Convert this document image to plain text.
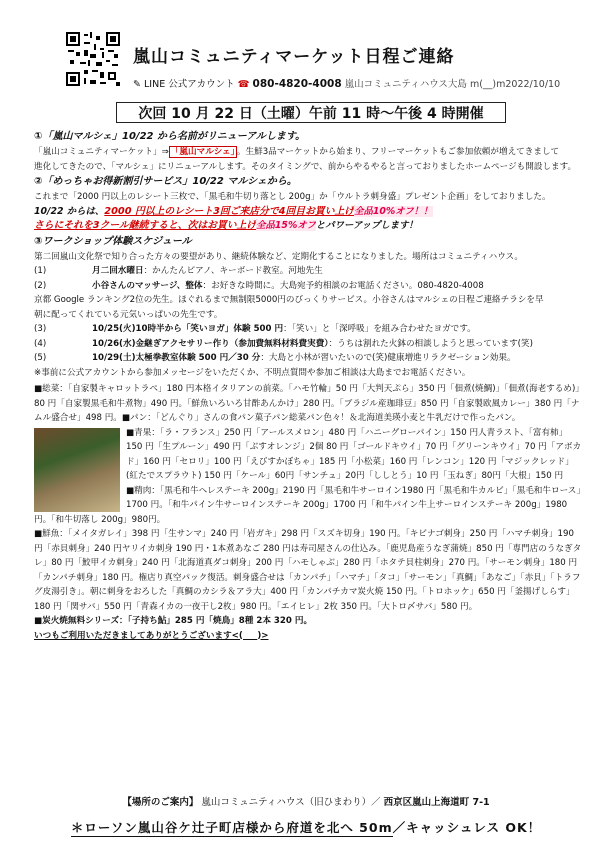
嵐山コミュニティマーケット日程ご連絡
✎ LINE 公式アカウント ☎ 080-4820-4008 嵐山コミュニティハウス大島 m(__)m2022/10/10
次回 10 月 22 日（土曜）午前 11 時〜午後 4 時開催
①「嵐山マルシェ」10/22 から名前がリニューアルします。
「嵐山コミュニティマーケット」⇒ 「嵐山マルシェ」 。生鮮3品マーケットから始まり、フリーマーケットもご参加依頼が増えてきまして
進化してきたので、「マルシェ」にリニューアルします。そのタイミングで、前からやるやると言っておりましたホームページも開設します。
②「めっちゃお得新割引サービス」10/22 マルシェから。
これまで「2000 円以上のレシート三枚で、「黒毛和牛切り落とし 200g」か「ウルトラ刺身盛」プレゼント企画」をしておりました。
10/22 からは、2000 円以上のレシート3回ご来店分で4回目お買い上げ全品10%オフ！！
さらにそれを3クール継続すると、次はお買い上げ全品15%オフとパワーアップします！
③ワークショップ体験スケジュール
第二回嵐山文化祭で知り合った方々の要望があり、継続体験など、定期化することになりました。場所はコミュニティハウス。
(1)	月二回水曜日：かんたんピアノ、キーボード教室。河地先生
(2)	小谷さんのマッサージ、整体：お好きな時間に。大島宛予約相談のお電話ください。080-4820-4008
京都 Google ランキング2位の先生。ほぐれるまで無制限5000円のびっくりサービス。小谷さんはマルシェの日程ご連絡チラシを早
朝に配ってくれている元気いっぱいの先生です。
(3)	10/25(火)10時半から「笑いヨガ」体験 500 円：「笑い」と「深呼吸」を組み合わせたヨガです。
(4)	10/26(水)金継ぎアクセサリー作り（参加費無料材料費実費）：うちは割れた火鉢の相談しようと思っています(笑)
(5)	10/29(土)太極拳教室体験 500 円／30 分：大島と小林が習いたいので(笑)健康増進リラクゼーション効果。
※事前に公式アカウントから参加メッセージをいただくか、不明点質問や参加ご相談は大島までお電話ください。
■総菜：「自家製キャロットラペ」180 円本格イタリアンの前菜。「ハモ竹輪」50 円「大判天ぷら」350 円「佃煮(焼鯛)」「佃煮(海老するめ)」80 円「自家製黒毛和牛煮物」490 円。「鮮魚いろいろ甘酢あんかけ」280 円。「ブラジル産珈琲豆」850 円「自家製欧風カレー」380 円「ナムル盛合せ」498 円。■パン：「どんぐり」さんの食パン菓子パン総菜パン色々！＆北海道美瑛小麦と牛乳だけで作ったパン。
■青果：「ラ・フランス」250 円「アールスメロン」480 円「ハニーグローパイン」150 円人青ラスト、「富有柿」150 円「生プルーン」490 円「ぶすオレンジ」2個 80 円「ゴールドキウイ」70 円「グリーンキウイ」70 円「アボカド」160 円「セロリ」100 円「えびすかぼちゃ」185 円「小松菜」160 円「レンコン」120 円「マジックレッド」(紅たでスプラウト) 150 円「ケール」60円「サンチュ」20円「ししとう」10 円「玉ねぎ」80円「大根」150 円
■精肉：「黒毛和牛ヘレステーキ 200g」2190 円「黒毛和牛サーロイン1980 円「黒毛和牛カルビ」「黒毛和牛ロース」1700 円。「和牛パイン牛サーロインステーキ 200g」1700 円「和牛パイン牛上サーロインステーキ 200g」1980 円。「和牛切落し 200g」980円。
■鮮魚：「メイタガレイ」398 円「生サンマ」240 円「岩ガキ」298 円「スズキ切身」190 円。「キビナゴ刺身」250 円「ハマチ刺身」190 円「赤貝刺身」240 円ヤリイカ刺身 190 円・1本煮あなご 280 円は寿司屋さんの仕込み。「鹿児島産うなぎ蒲焼」850 円「専門店のうなぎタレ」80 円「鮫甲イカ刺身」240 円「北海道真ダコ刺身」200 円「ハモしゃぶ」280 円「ホタテ貝柱刺身」270 円。「サーモン刺身」180 円「カンパチ刺身」180 円。権店り真空パック復活。刺身盛合せは「カンパチ」「ハマチ」「タコ」「サーモン」「真鯛」「あなご」「赤貝」「トラフグ皮湯引き」。朝に刺身をおろした「真鯛のカシラ＆アラ大」400 円「カンパチカマ炭火焼 150 円。「トロホッケ」650 円「釜揚げしらす」180 円「関サバ」550 円「青森イカの一夜干し2枚」980 円。「エイヒレ」2枚 350 円。「大トロ〆サバ」580 円。
■炭火焼無料シリーズ：「子持ち鮎」285 円「焼鳥」8種 2本 320 円。
いつもご利用いただきましてありがとうございます<( _ _)>
【場所のご案内】 嵐山コミュニティハウス（旧ひまわり）／ 西京区嵐山上海道町 7-1
＊ローソン嵐山谷ケ辻子町店様から府道を北へ 50m／キャッシュレス OK！
